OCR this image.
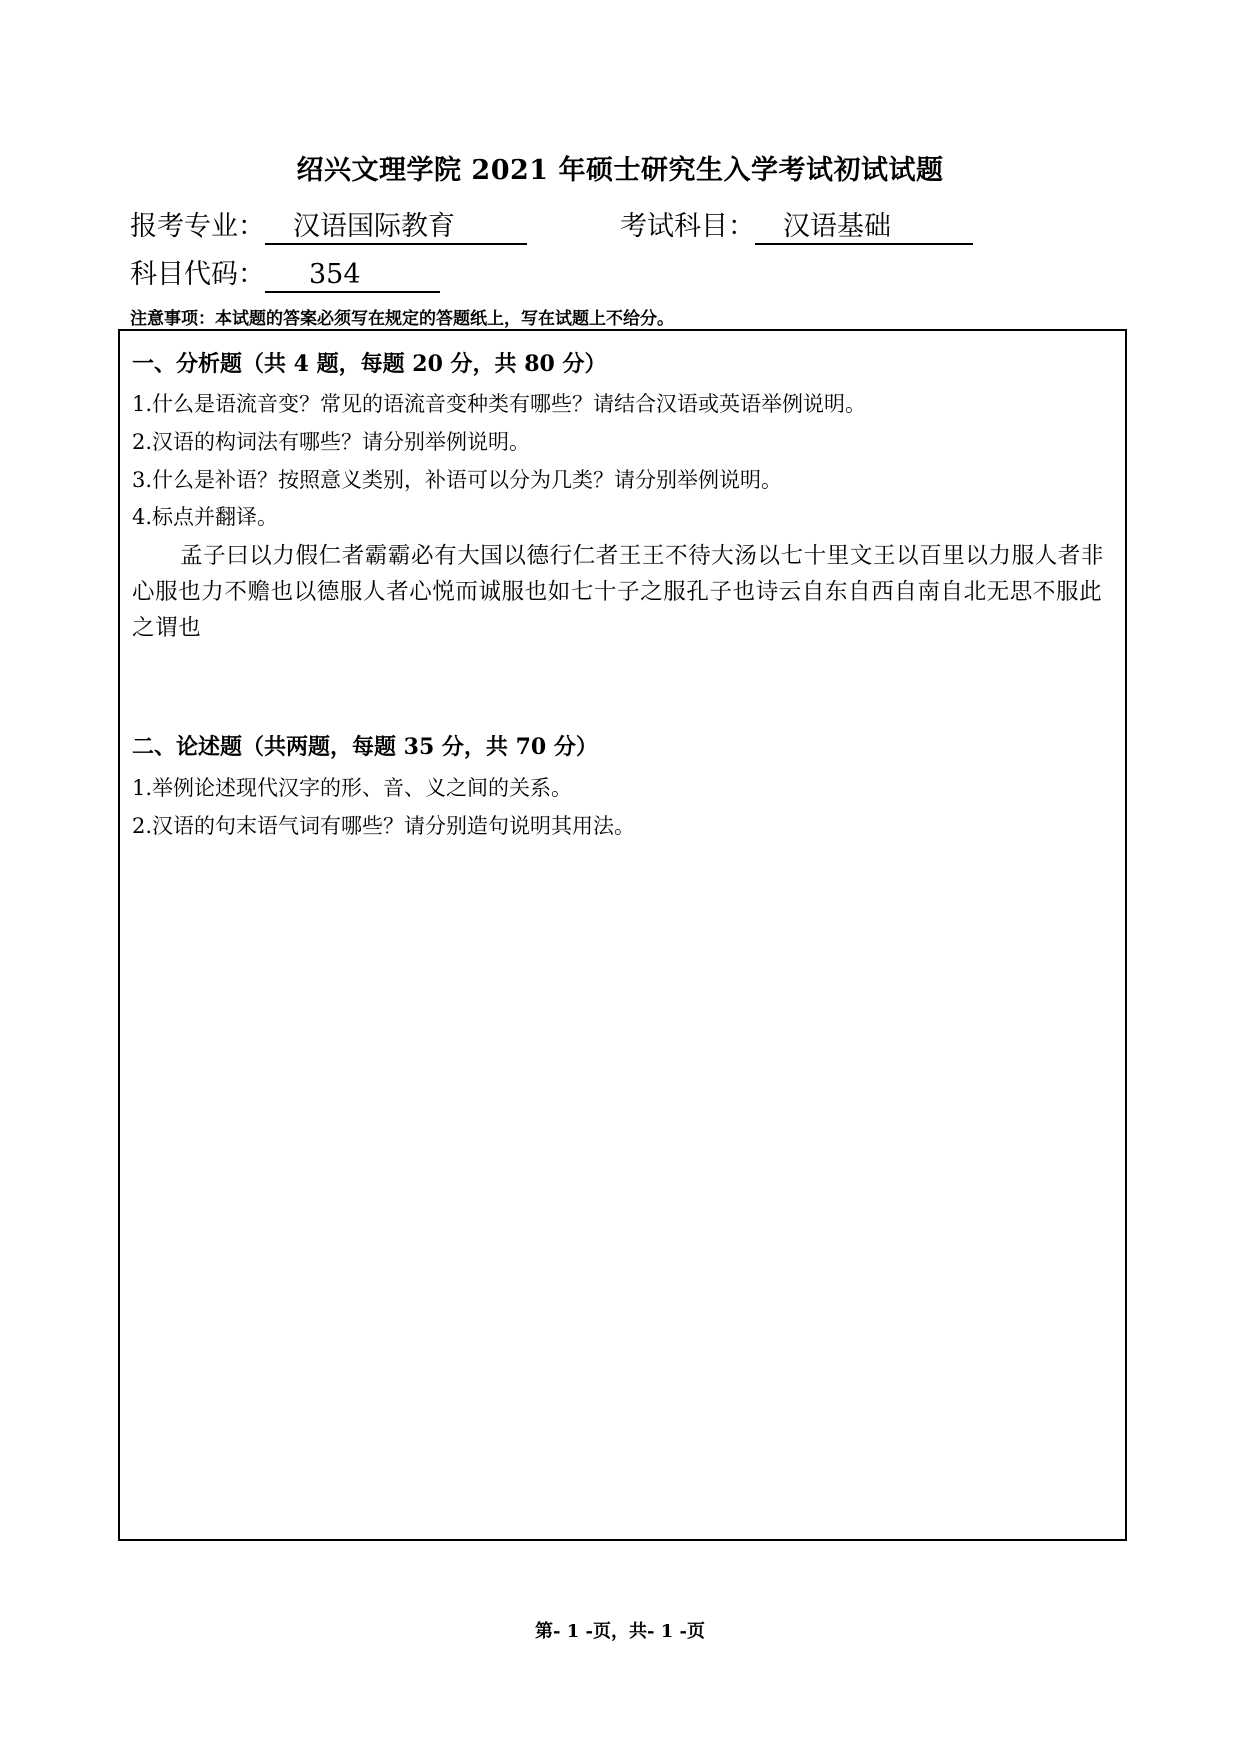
绍兴文理学院 2021 年硕士研究生入学考试初试试题
报考专业： 汉语国际教育	考试科目： 汉语基础
科目代码： 354
注意事项：本试题的答案必须写在规定的答题纸上，写在试题上不给分。
一、分析题（共 4 题，每题 20 分，共 80 分）
1.什么是语流音变？常见的语流音变种类有哪些？请结合汉语或英语举例说明。
2.汉语的构词法有哪些？请分别举例说明。
3.什么是补语？按照意义类别，补语可以分为几类？请分别举例说明。
4.标点并翻译。
孟子曰以力假仁者霸霸必有大国以德行仁者王王不待大汤以七十里文王以百里以力服人者非心服也力不赡也以德服人者心悦而诚服也如七十子之服孔子也诗云自东自西自南自北无思不服此之谓也
二、论述题（共两题，每题 35 分，共 70 分）
1.举例论述现代汉字的形、音、义之间的关系。
2.汉语的句末语气词有哪些？请分别造句说明其用法。
第- 1 -页，共- 1 -页
